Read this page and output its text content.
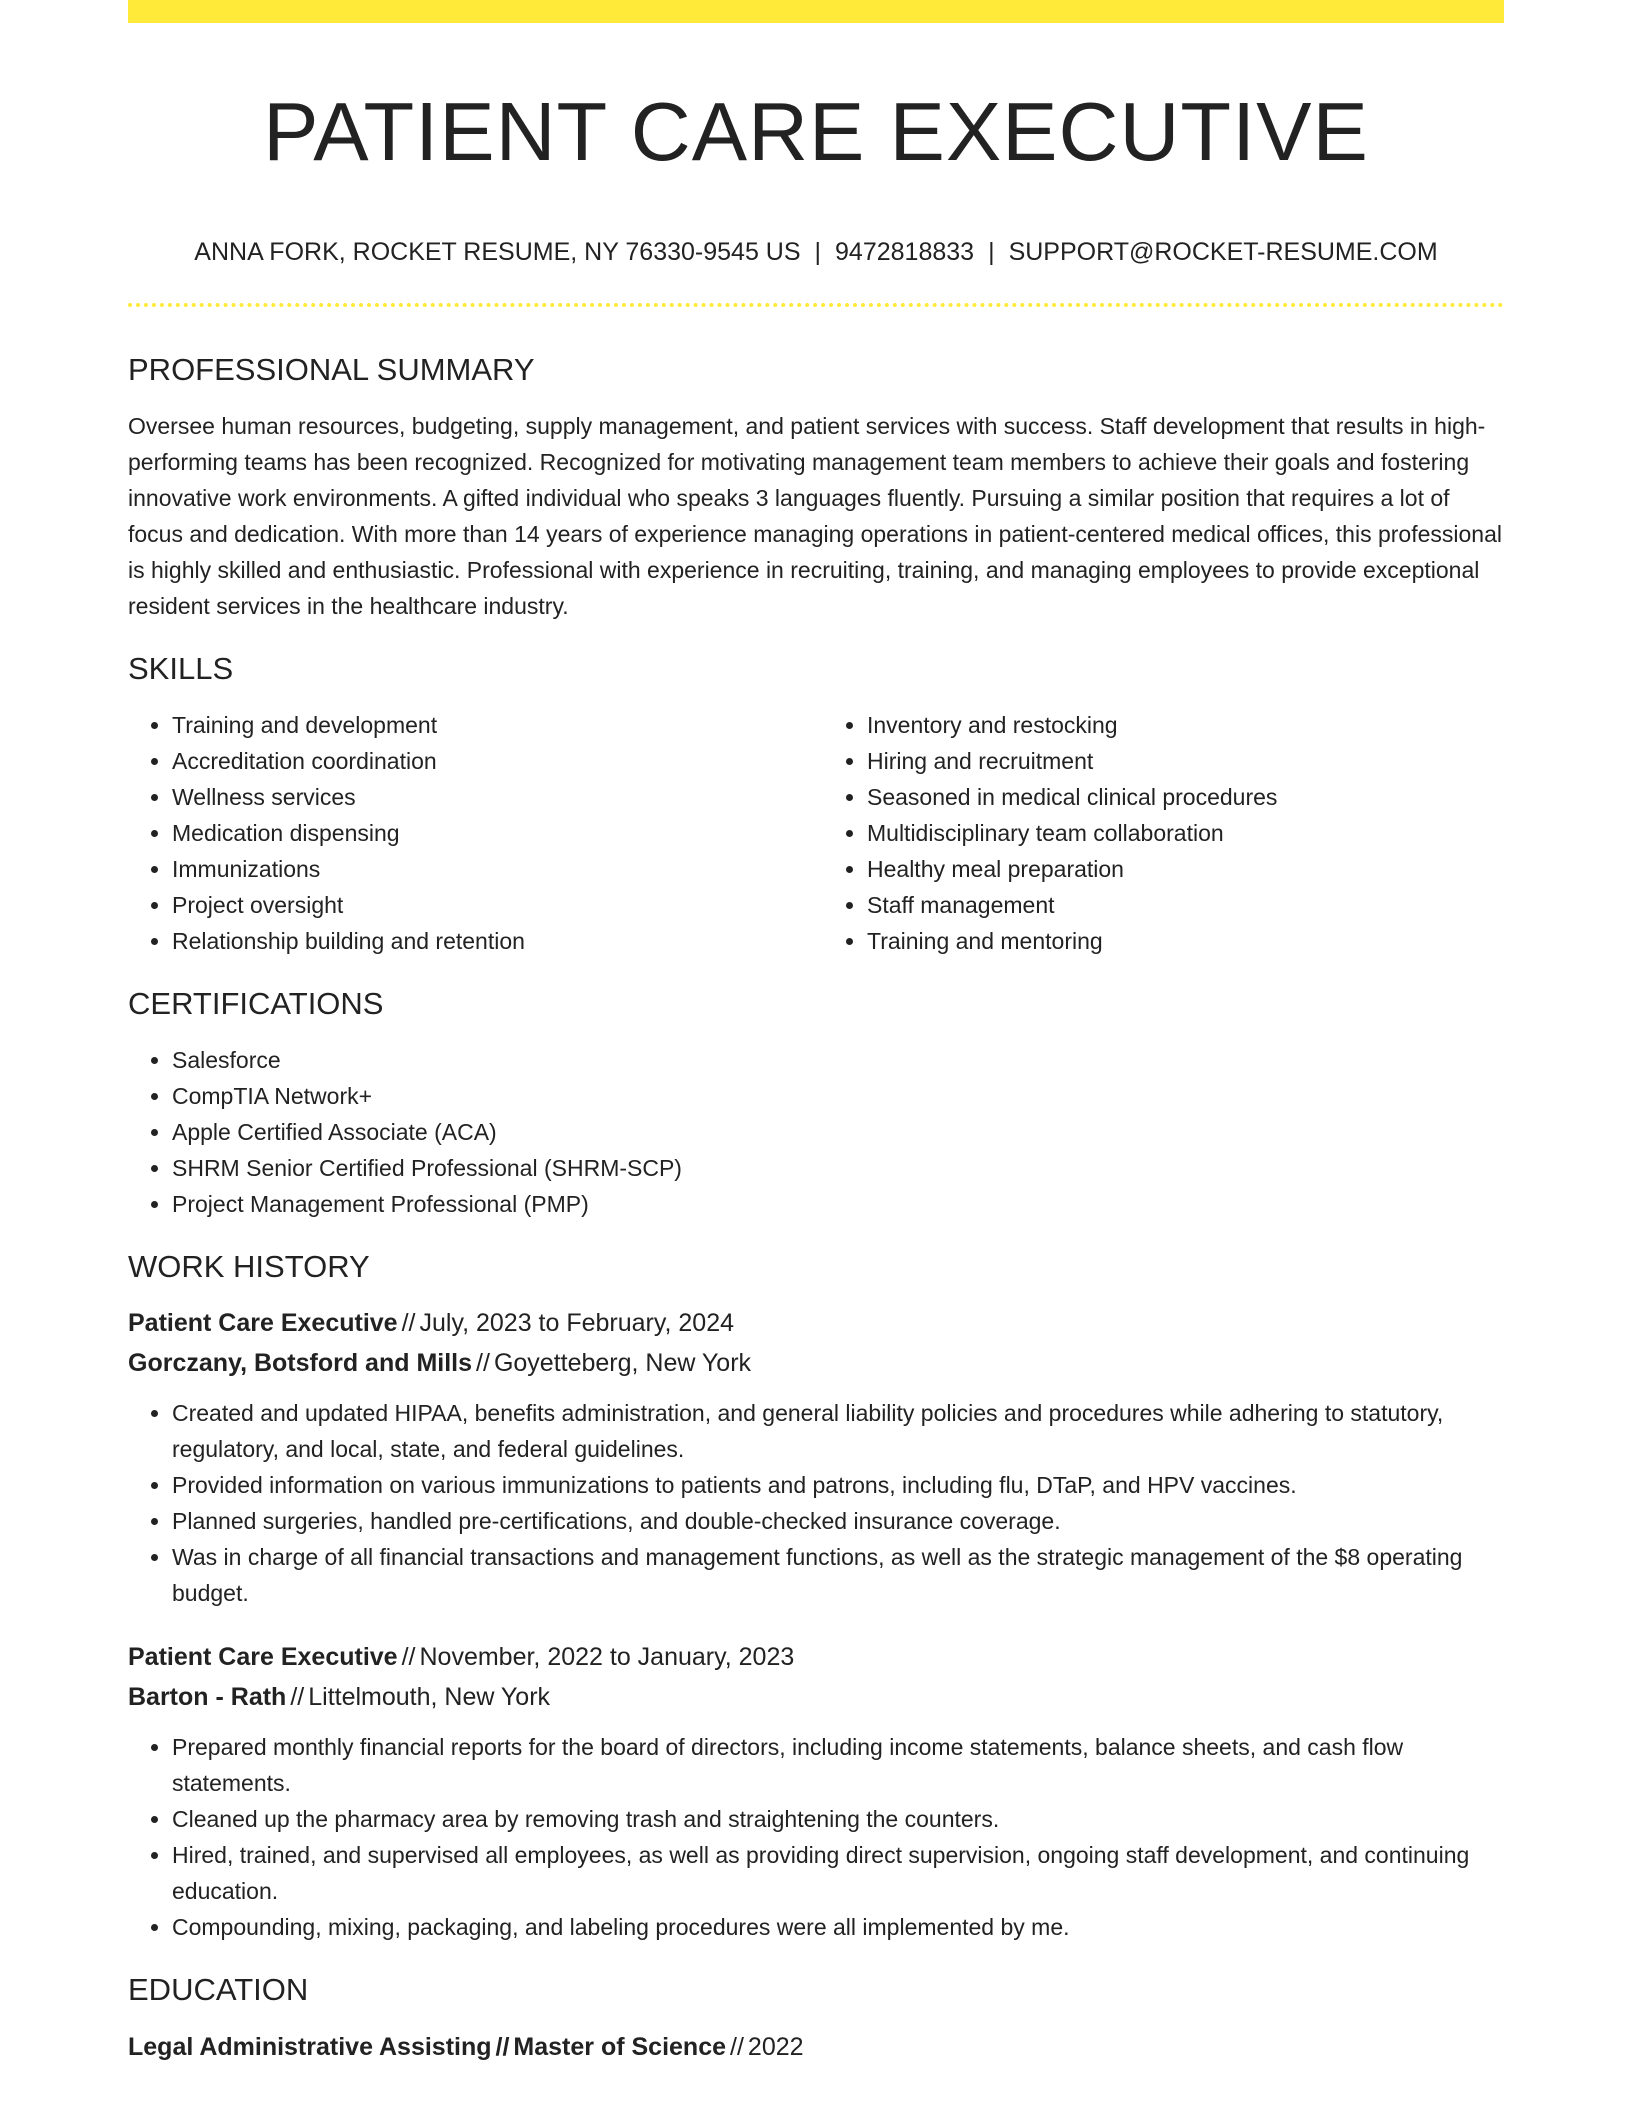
PATIENT CARE EXECUTIVE
ANNA FORK, ROCKET RESUME, NY 76330-9545 US | 9472818833 | SUPPORT@ROCKET-RESUME.COM
PROFESSIONAL SUMMARY

Oversee human resources, budgeting, supply management, and patient services with success. Staff development that results in high-performing teams has been recognized. Recognized for motivating management team members to achieve their goals and fostering innovative work environments. A gifted individual who speaks 3 languages fluently. Pursuing a similar position that requires a lot of focus and dedication. With more than 14 years of experience managing operations in patient-centered medical offices, this professional is highly skilled and enthusiastic. Professional with experience in recruiting, training, and managing employees to provide exceptional resident services in the healthcare industry.

SKILLS
• Training and development
• Accreditation coordination
• Wellness services
• Medication dispensing
• Immunizations
• Project oversight
• Relationship building and retention
• Inventory and restocking
• Hiring and recruitment
• Seasoned in medical clinical procedures
• Multidisciplinary team collaboration
• Healthy meal preparation
• Staff management
• Training and mentoring
CERTIFICATIONS
• Salesforce
• CompTIA Network+
• Apple Certified Associate (ACA)
• SHRM Senior Certified Professional (SHRM-SCP)
• Project Management Professional (PMP)
WORK HISTORY
Patient Care Executive // July, 2023 to February, 2024
Gorczany, Botsford and Mills // Goyetteberg, New York
• Created and updated HIPAA, benefits administration, and general liability policies and procedures while adhering to statutory, regulatory, and local, state, and federal guidelines.
• Provided information on various immunizations to patients and patrons, including flu, DTaP, and HPV vaccines.
• Planned surgeries, handled pre-certifications, and double-checked insurance coverage.
• Was in charge of all financial transactions and management functions, as well as the strategic management of the $8 operating budget.
Patient Care Executive // November, 2022 to January, 2023
Barton - Rath // Littelmouth, New York
• Prepared monthly financial reports for the board of directors, including income statements, balance sheets, and cash flow statements.
• Cleaned up the pharmacy area by removing trash and straightening the counters.
• Hired, trained, and supervised all employees, as well as providing direct supervision, ongoing staff development, and continuing education.
• Compounding, mixing, packaging, and labeling procedures were all implemented by me.
EDUCATION
Legal Administrative Assisting // Master of Science // 2022
